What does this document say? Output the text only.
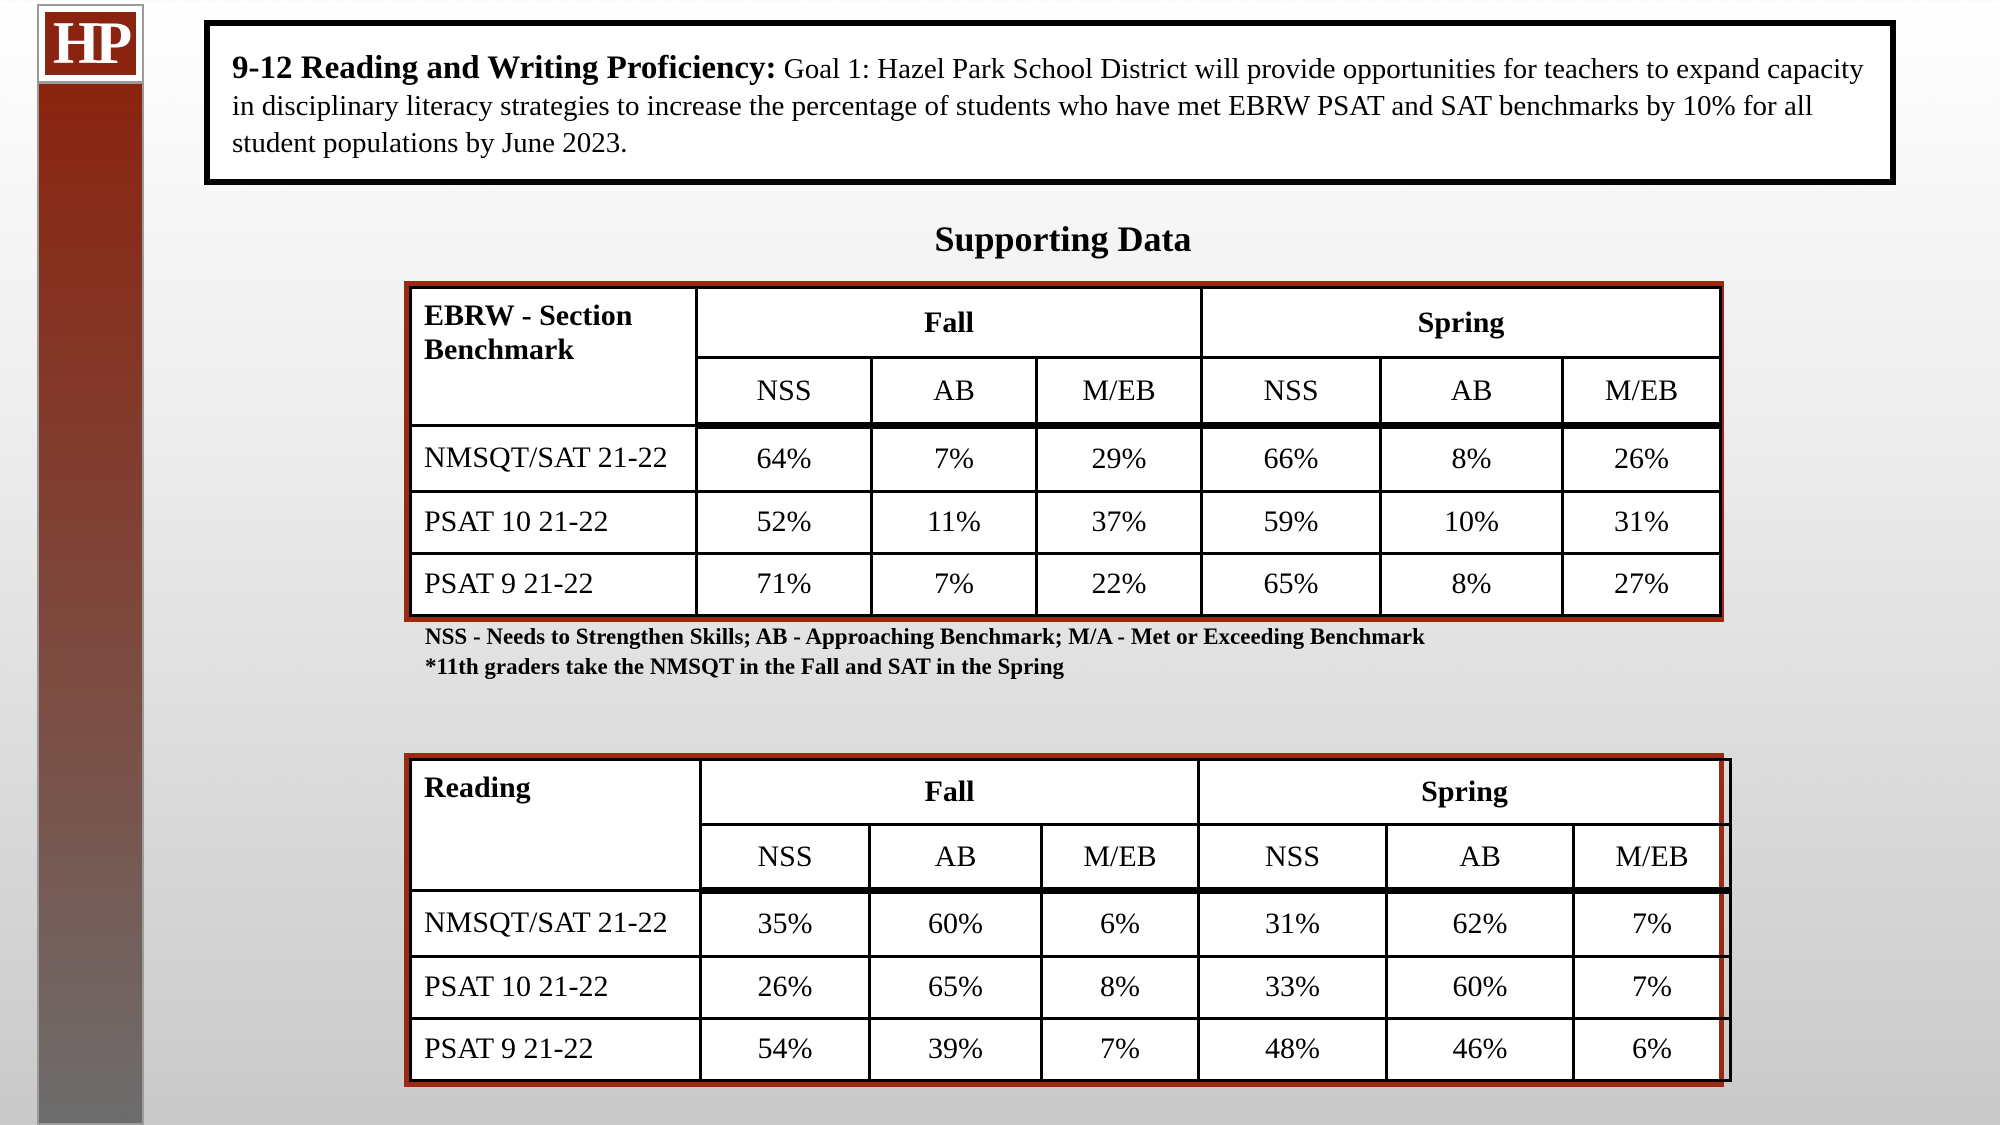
HP	9-12 Reading and Writing Proficiency: Goal 1: Hazel Park School District will provide opportunities for teachers to expand capacity in disciplinary literacy strategies to increase the percentage of students who have met EBRW PSAT and SAT benchmarks by 10% for all student populations by June 2023.
Supporting Data
EBRW - Section Benchmark	Fall			Spring		
	NSS	AB	M/EB	NSS	AB	M/EB
NMSQT/SAT 21-22	64%	7%	29%	66%	8%	26%
PSAT 10 21-22	52%	11%	37%	59%	10%	31%
PSAT 9 21-22	71%	7%	22%	65%	8%	27%
NSS - Needs to Strengthen Skills; AB - Approaching Benchmark; M/A - Met or Exceeding Benchmark
*11th graders take the NMSQT in the Fall and SAT in the Spring
Reading	Fall			Spring		
	NSS	AB	M/EB	NSS	AB	M/EB
NMSQT/SAT 21-22	35%	60%	6%	31%	62%	7%
PSAT 10 21-22	26%	65%	8%	33%	60%	7%
PSAT 9 21-22	54%	39%	7%	48%	46%	6%
